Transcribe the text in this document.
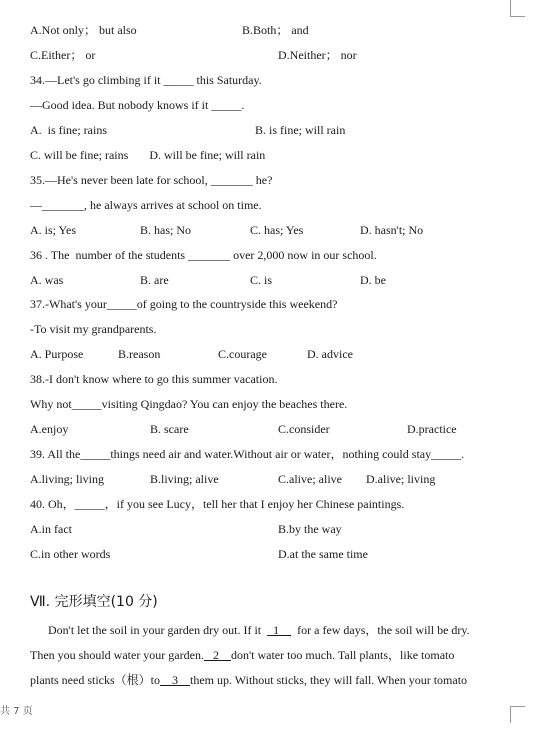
A.Not only； but also	B.Both； and
C.Either； or	D.Neither； nor
34.—Let's go climbing if it _____ this Saturday.
—Good idea. But nobody knows if it _____.
A.  is fine; rains	B. is fine; will rain
C. will be fine; rains       D. will be fine; will rain
35.—He's never been late for school, _______ he?
—_______, he always arrives at school on time.
A. is; Yes	B. has; No	C. has; Yes	D. hasn't; No
36 . The  number of the students _______ over 2,000 now in our school.
A. was	B. are	C. is	D. be
37.-What's your_____of going to the countryside this weekend?
-To visit my grandparents.
A. Purpose	B.reason	C.courage	D. advice
38.-I don't know where to go this summer vacation.
Why not_____visiting Qingdao? You can enjoy the beaches there.
A.enjoy	B. scare	C.consider	D.practice
39. All the_____things need air and water.Without air or water，nothing could stay_____.
A.living; living	B.living; alive	C.alive; alive D.alive; living
40. Oh，_____，if you see Lucy，tell her that I enjoy her Chinese paintings.
A.in fact	B.by the way
C.in other words	D.at the same time
Ⅶ. 完形填空(10 分)
Don't let the soil in your garden dry out. If it    1      for a few days，the soil will be dry.
Then you should water your garden.   2    don't water too much. Tall plants，like tomato
plants need sticks（根）to    3    them up. Without sticks, they will fall. When your tomato
共 7 页
